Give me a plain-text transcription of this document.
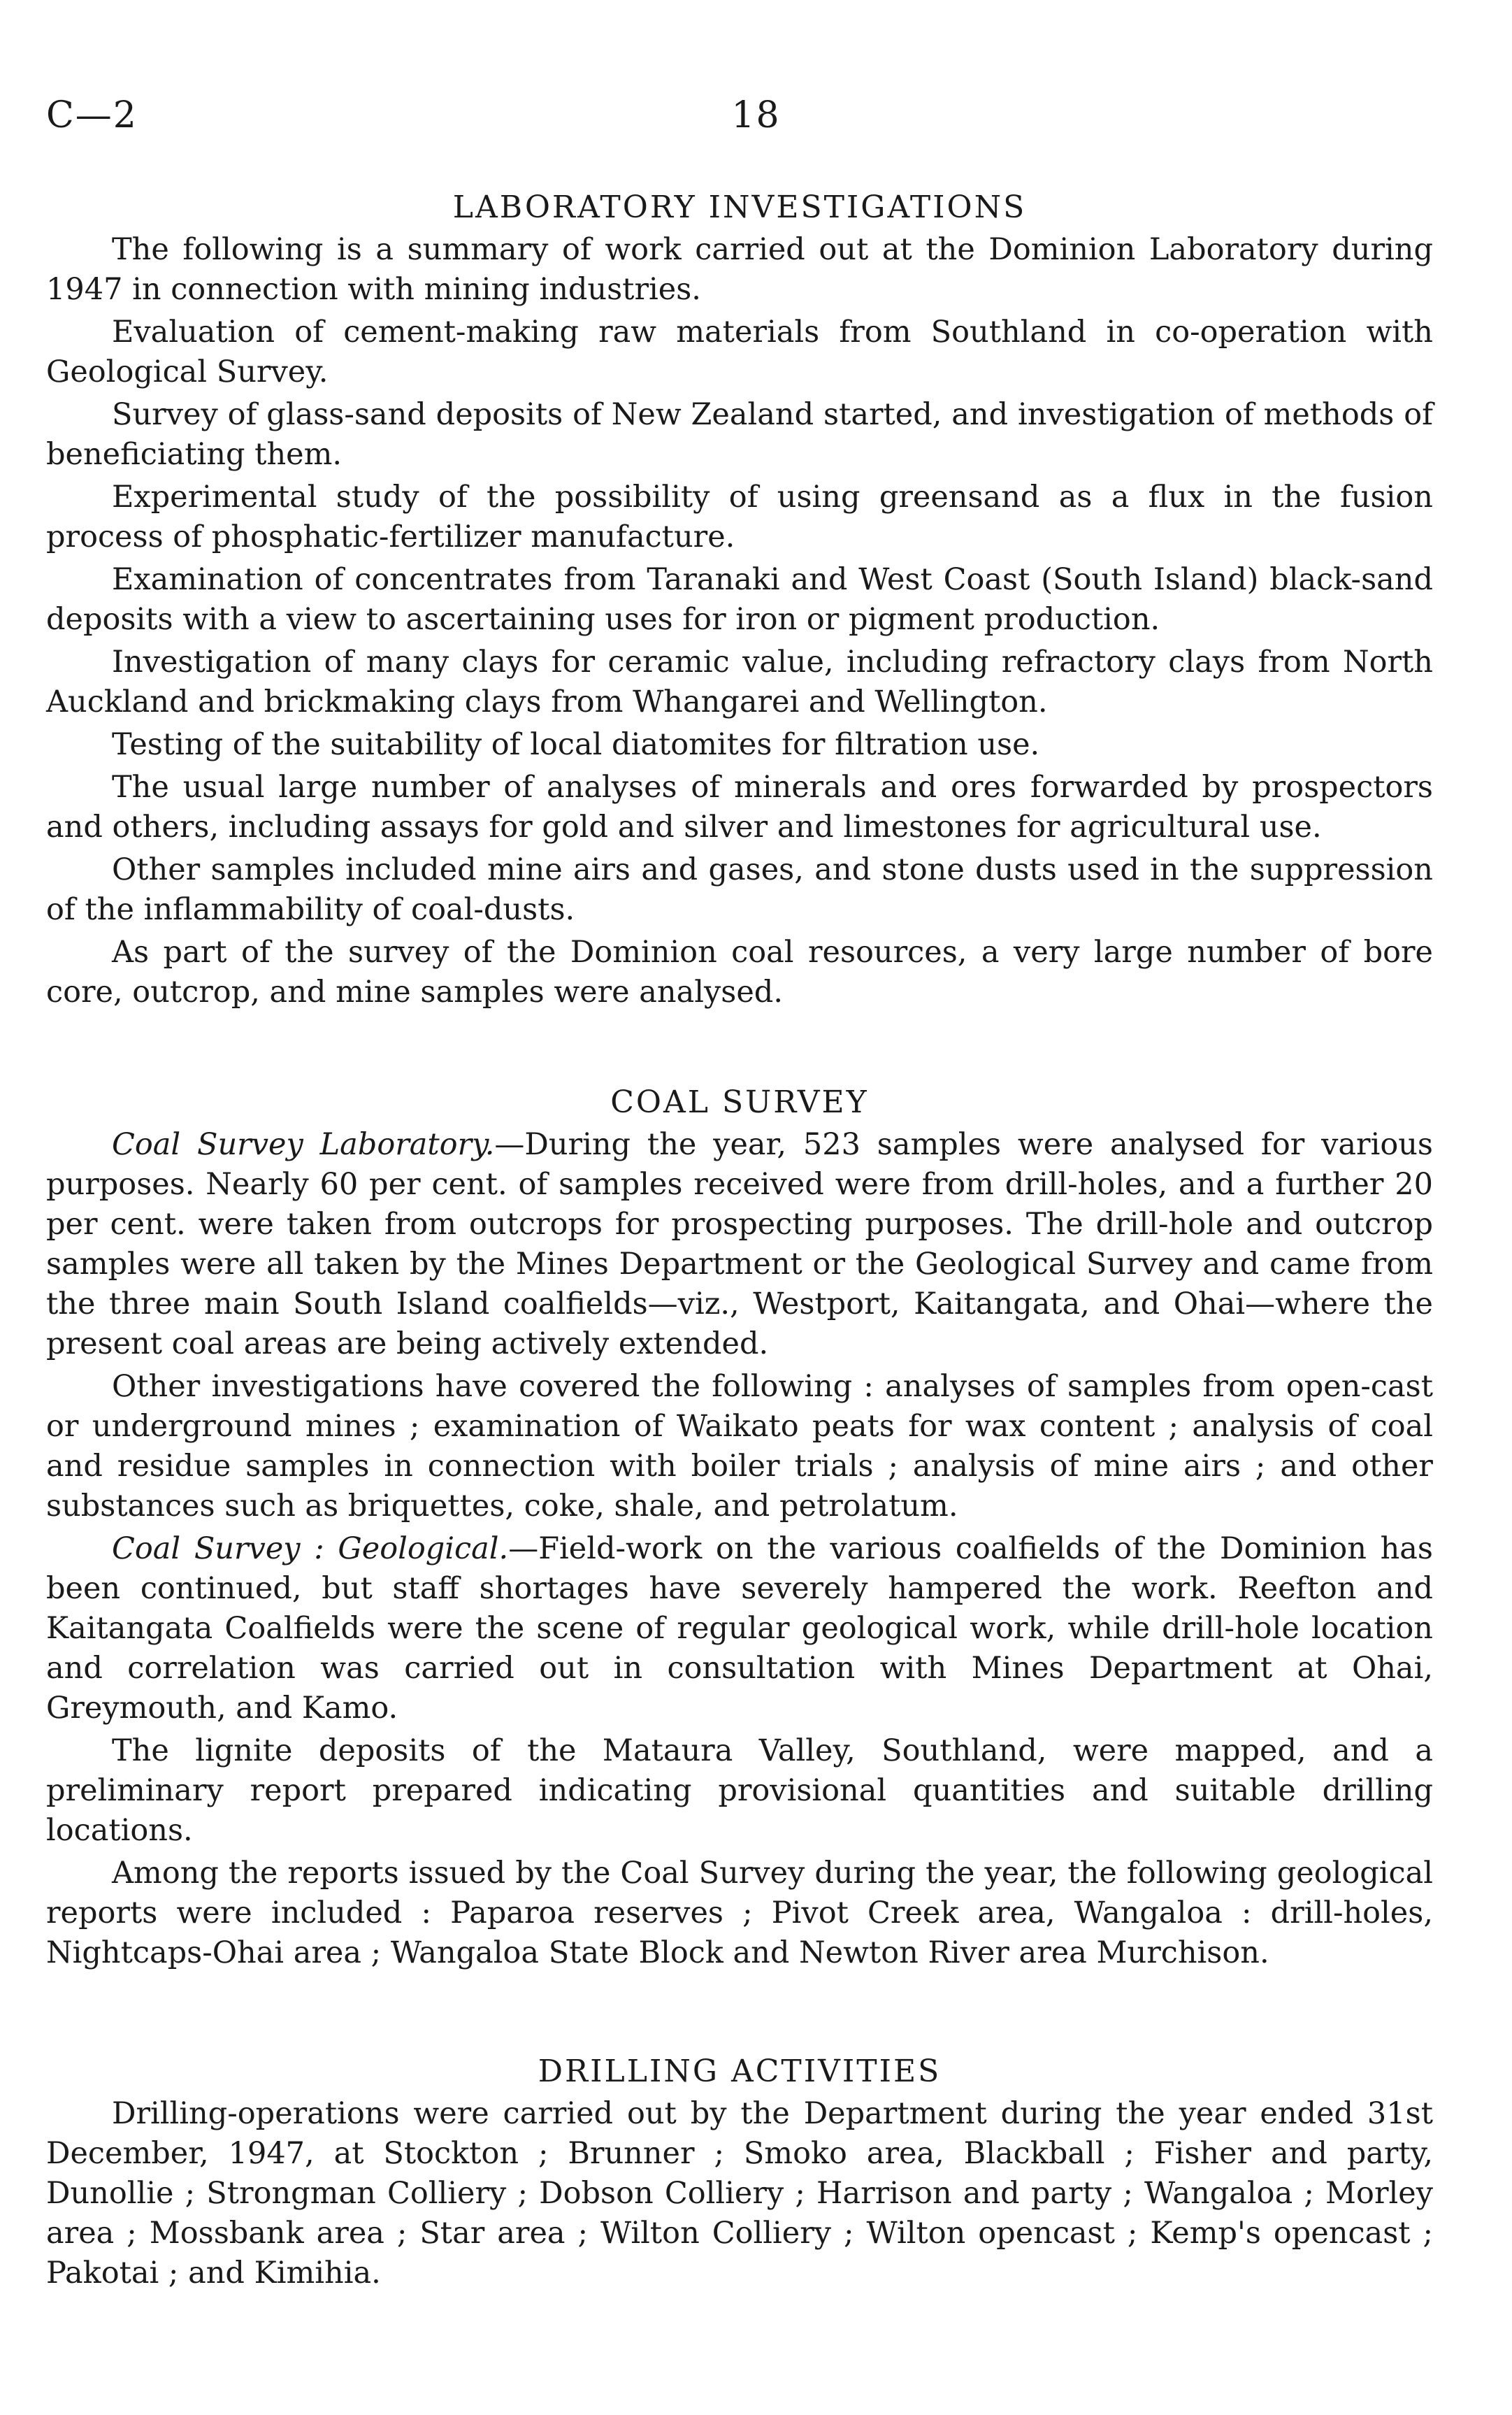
C—2	18
LABORATORY INVESTIGATIONS

The following is a summary of work carried out at the Dominion Laboratory during 1947 in connection with mining industries.

Evaluation of cement-making raw materials from Southland in co-operation with Geological Survey.

Survey of glass-sand deposits of New Zealand started, and investigation of methods of beneficiating them.

Experimental study of the possibility of using greensand as a flux in the fusion process of phosphatic-fertilizer manufacture.

Examination of concentrates from Taranaki and West Coast (South Island) black-sand deposits with a view to ascertaining uses for iron or pigment production.

Investigation of many clays for ceramic value, including refractory clays from North Auckland and brickmaking clays from Whangarei and Wellington.

Testing of the suitability of local diatomites for filtration use.

The usual large number of analyses of minerals and ores forwarded by prospectors and others, including assays for gold and silver and limestones for agricultural use.

Other samples included mine airs and gases, and stone dusts used in the suppression of the inflammability of coal-dusts.

As part of the survey of the Dominion coal resources, a very large number of bore core, outcrop, and mine samples were analysed.

COAL SURVEY

Coal Survey Laboratory.—During the year, 523 samples were analysed for various purposes. Nearly 60 per cent. of samples received were from drill-holes, and a further 20 per cent. were taken from outcrops for prospecting purposes. The drill-hole and outcrop samples were all taken by the Mines Department or the Geological Survey and came from the three main South Island coalfields—viz., Westport, Kaitangata, and Ohai—where the present coal areas are being actively extended.

Other investigations have covered the following : analyses of samples from open-cast or underground mines ; examination of Waikato peats for wax content ; analysis of coal and residue samples in connection with boiler trials ; analysis of mine airs ; and other substances such as briquettes, coke, shale, and petrolatum.

Coal Survey : Geological.—Field-work on the various coalfields of the Dominion has been continued, but staff shortages have severely hampered the work. Reefton and Kaitangata Coalfields were the scene of regular geological work, while drill-hole location and correlation was carried out in consultation with Mines Department at Ohai, Greymouth, and Kamo.

The lignite deposits of the Mataura Valley, Southland, were mapped, and a preliminary report prepared indicating provisional quantities and suitable drilling locations.

Among the reports issued by the Coal Survey during the year, the following geological reports were included : Paparoa reserves ; Pivot Creek area, Wangaloa : drill-holes, Nightcaps-Ohai area ; Wangaloa State Block and Newton River area Murchison.

DRILLING ACTIVITIES

Drilling-operations were carried out by the Department during the year ended 31st December, 1947, at Stockton ; Brunner ; Smoko area, Blackball ; Fisher and party, Dunollie ; Strongman Colliery ; Dobson Colliery ; Harrison and party ; Wangaloa ; Morley area ; Mossbank area ; Star area ; Wilton Colliery ; Wilton opencast ; Kemp's opencast ; Pakotai ; and Kimihia.
